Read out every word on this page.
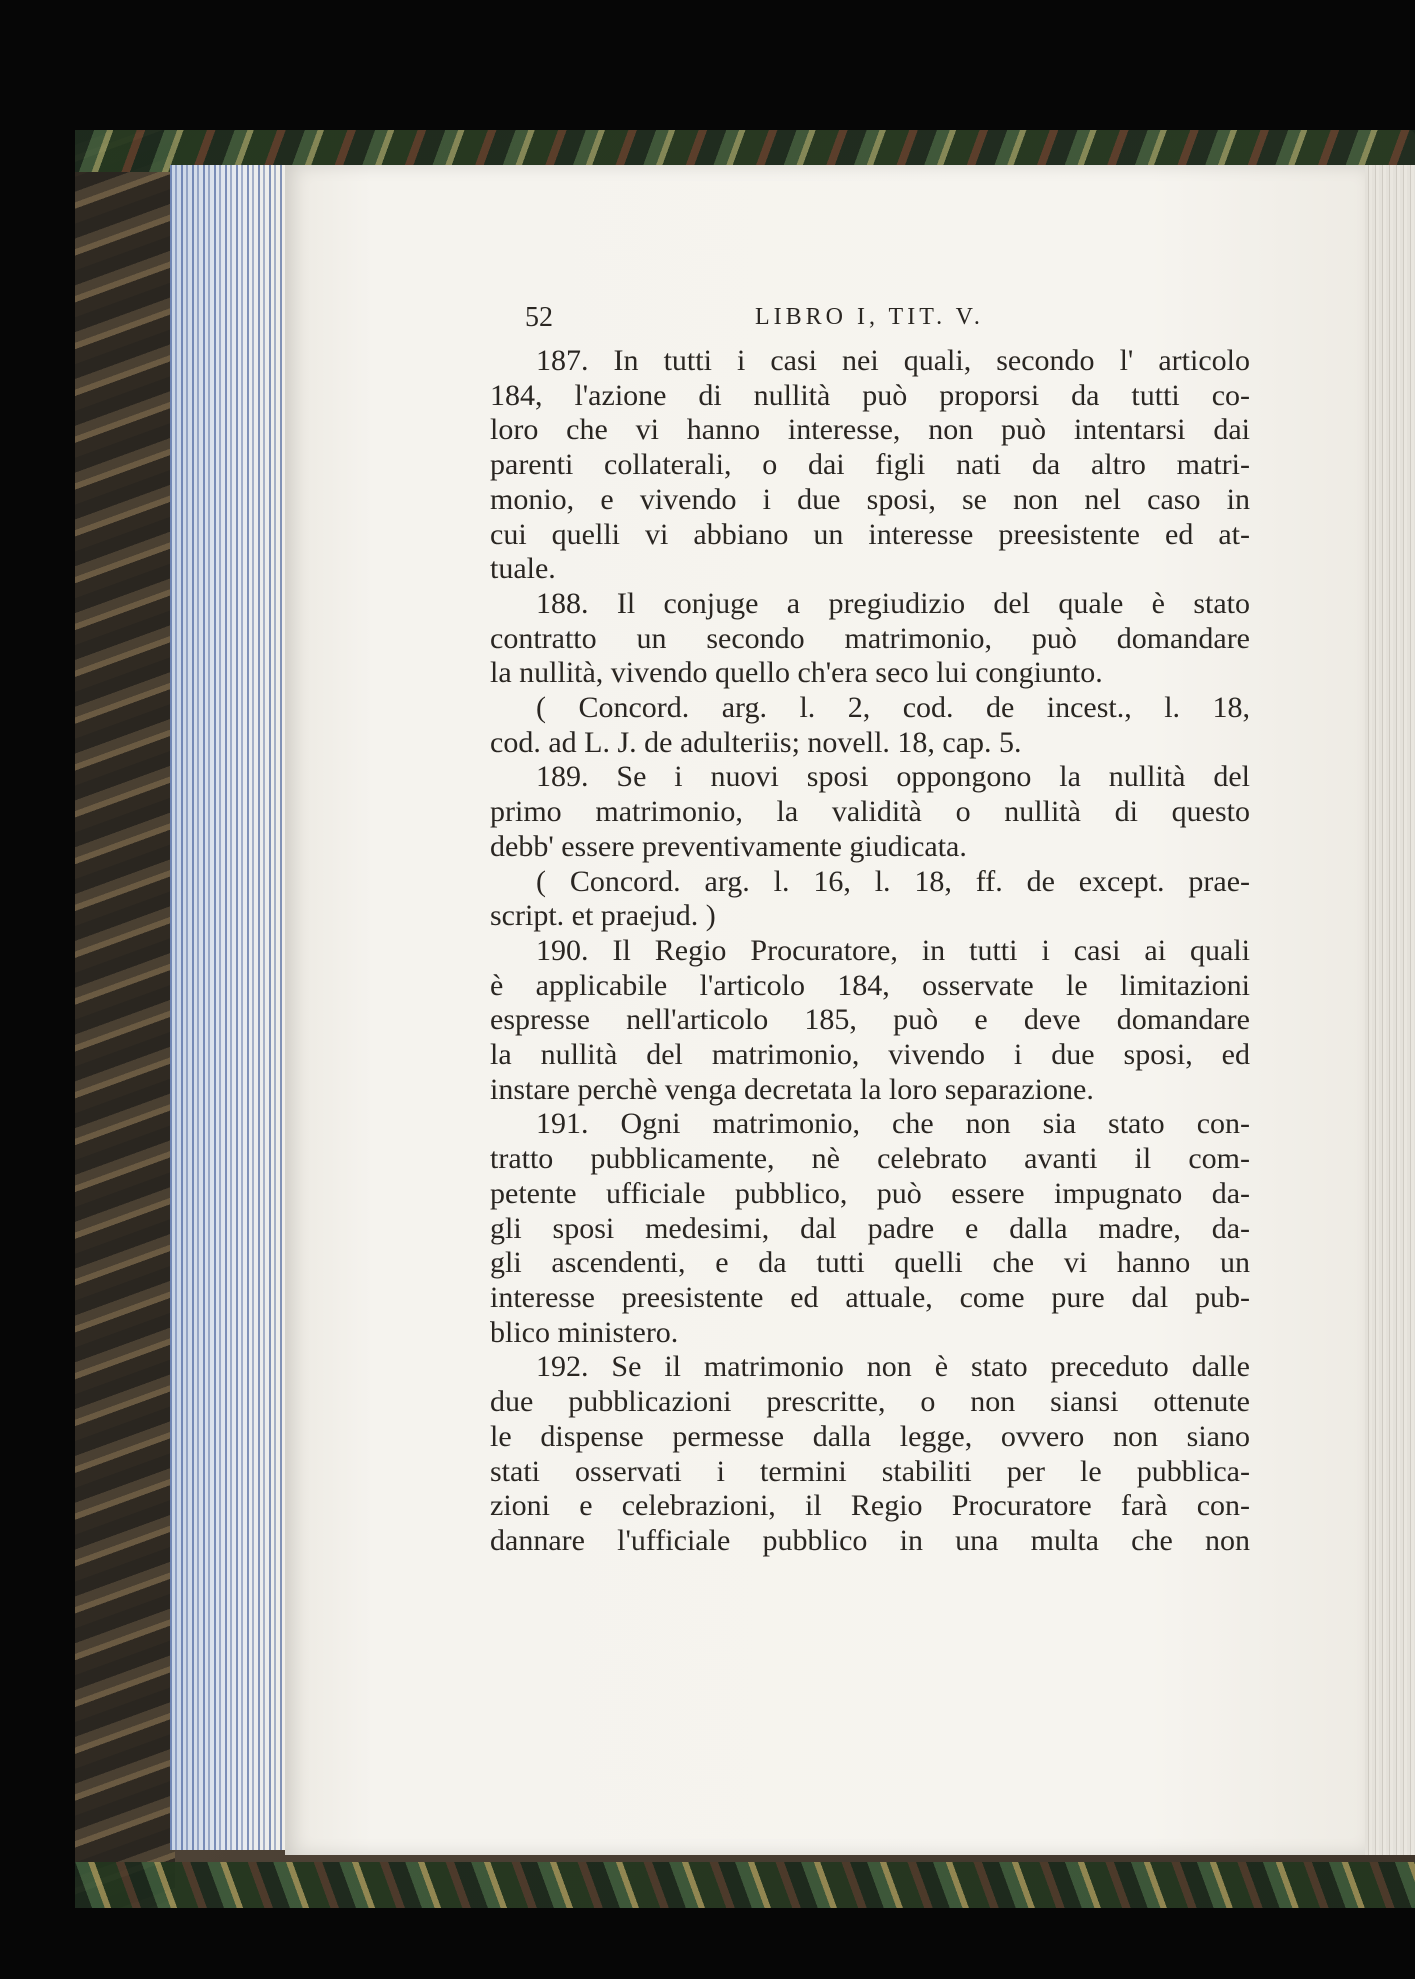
52	LIBRO I, TIT. V.
187. In tutti i casi nei quali, secondo l' articolo
184, l'azione di nullità può proporsi da tutti co-
loro che vi hanno interesse, non può intentarsi dai
parenti collaterali, o dai figli nati da altro matri-
monio, e vivendo i due sposi, se non nel caso in
cui quelli vi abbiano un interesse preesistente ed at-
tuale.
188. Il conjuge a pregiudizio del quale è stato
contratto un secondo matrimonio, può domandare
la nullità, vivendo quello ch'era seco lui congiunto.
( Concord. arg. l. 2, cod. de incest., l. 18,
cod. ad L. J. de adulteriis; novell. 18, cap. 5.
189. Se i nuovi sposi oppongono la nullità del
primo matrimonio, la validità o nullità di questo
debb' essere preventivamente giudicata.
( Concord. arg. l. 16, l. 18, ff. de except. prae-
script. et praejud. )
190. Il Regio Procuratore, in tutti i casi ai quali
è applicabile l'articolo 184, osservate le limitazioni
espresse nell'articolo 185, può e deve domandare
la nullità del matrimonio, vivendo i due sposi, ed
instare perchè venga decretata la loro separazione.
191. Ogni matrimonio, che non sia stato con-
tratto pubblicamente, nè celebrato avanti il com-
petente ufficiale pubblico, può essere impugnato da-
gli sposi medesimi, dal padre e dalla madre, da-
gli ascendenti, e da tutti quelli che vi hanno un
interesse preesistente ed attuale, come pure dal pub-
blico ministero.
192. Se il matrimonio non è stato preceduto dalle
due pubblicazioni prescritte, o non siansi ottenute
le dispense permesse dalla legge, ovvero non siano
stati osservati i termini stabiliti per le pubblica-
zioni e celebrazioni, il Regio Procuratore farà con-
dannare l'ufficiale pubblico in una multa che non
